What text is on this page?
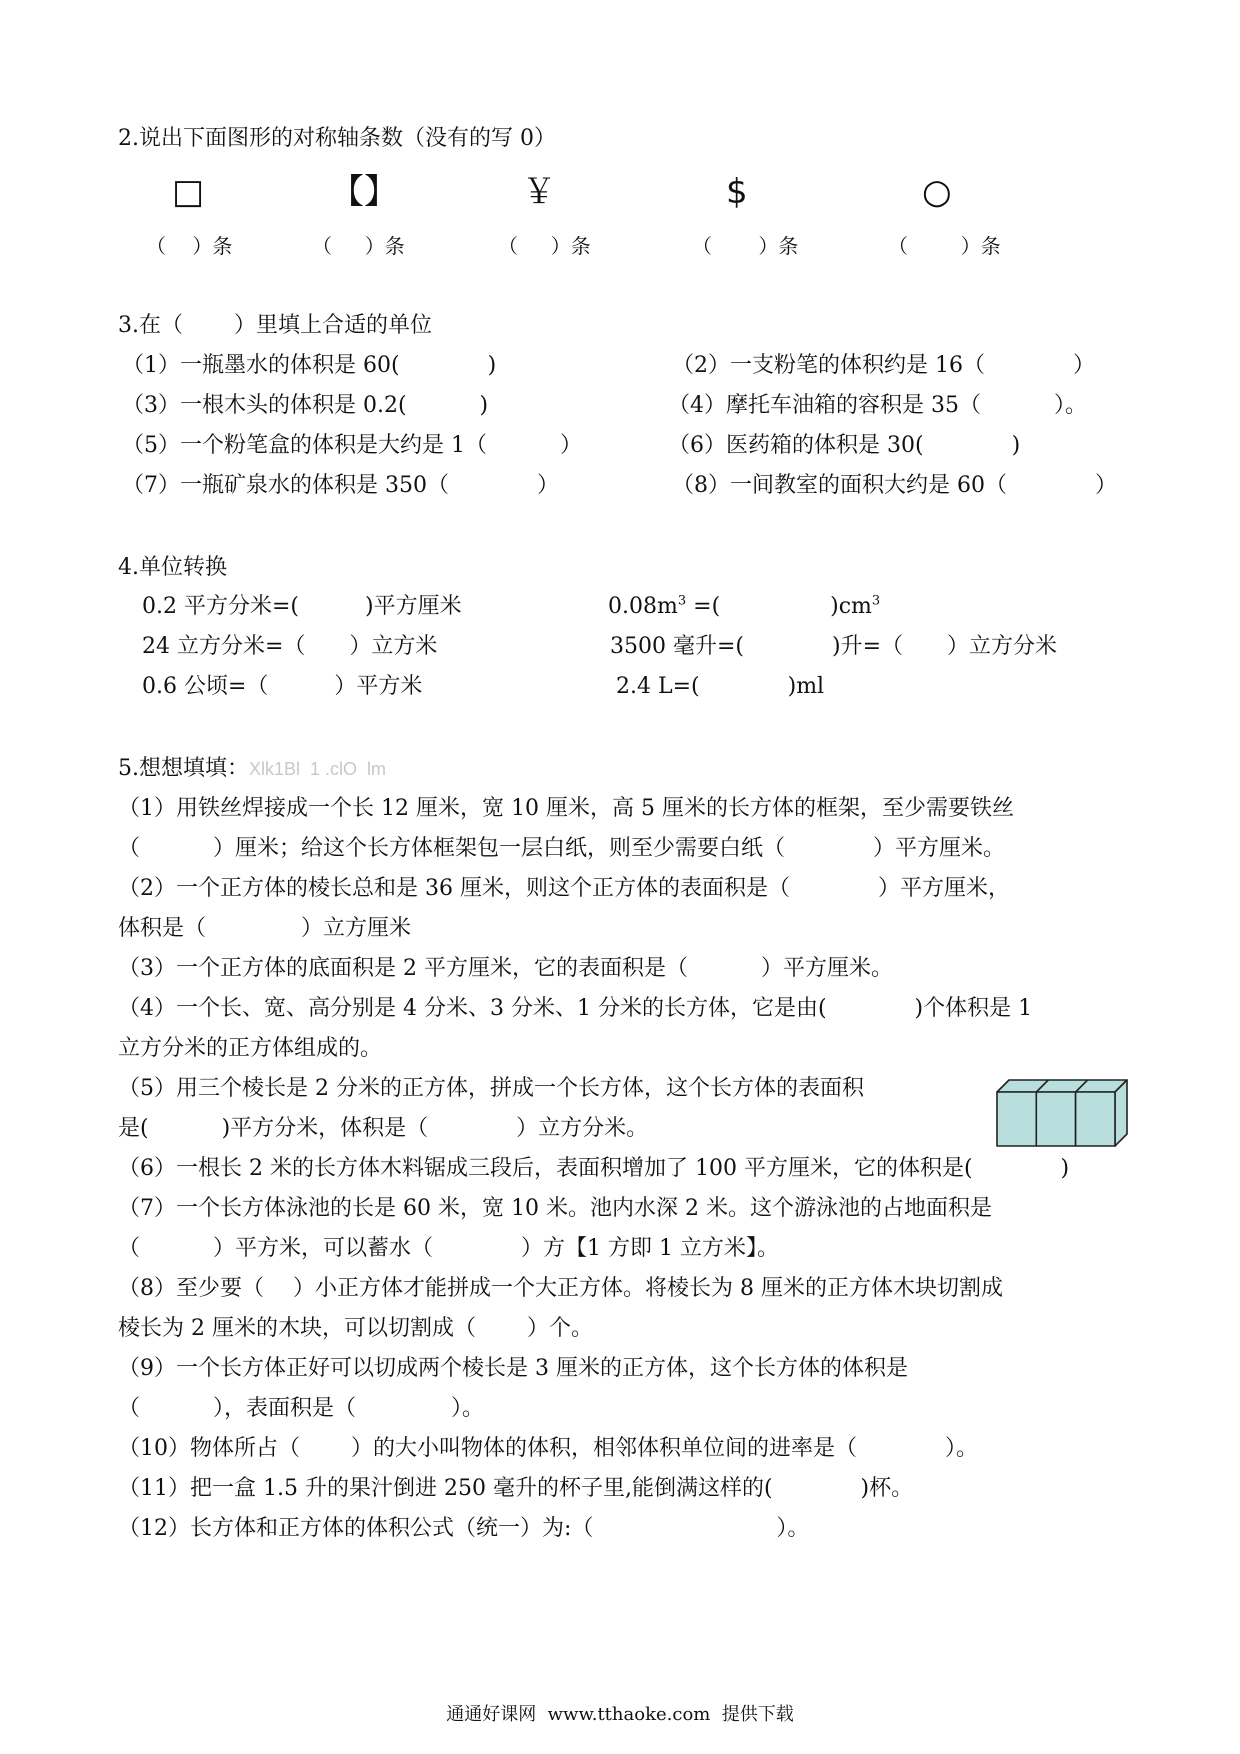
2.说出下面图形的对称轴条数（没有的写 0）
□	【】	￥	$	○
（　 ）条	（　  ）条	（　  ）条	（　　 ）条	（　　  ）条
3.在（　　 ）里填上合适的单位
（1）一瓶墨水的体积是 60(　　　　)	（2）一支粉笔的体积约是 16（　　　　）
（3）一根木头的体积是 0.2(　　　 )	（4）摩托车油箱的容积是 35（　　　 ）。
（5）一个粉笔盒的体积是大约是 1（　　　 ）	（6）医药箱的体积是 30(　　　　)
（7）一瓶矿泉水的体积是 350（　　　　）	（8）一间教室的面积大约是 60（　　　　）
4.单位转换
0.2 平方分米=(　　　)平方厘米	$0.08m^3$ =(　　　　　)$cm^3$
24 立方分米=（　　）立方米	3500 毫升=(　　　　)升=（　　）立方分米
0.6 公顷=（　　　）平方米	2.4 L=(　　　　)ml
5.想想填填：Xlk1Bl  1 .clO  lm
（1）用铁丝焊接成一个长 12 厘米，宽 10 厘米，高 5 厘米的长方体的框架，至少需要铁丝
（　　　 ）厘米；给这个长方体框架包一层白纸，则至少需要白纸（　　　　）平方厘米。
（2）一个正方体的棱长总和是 36 厘米，则这个正方体的表面积是（　　　　）平方厘米，
体积是（　　　　 ）立方厘米
（3）一个正方体的底面积是 2 平方厘米，它的表面积是（　　　 ）平方厘米。
（4）一个长、宽、高分别是 4 分米、3 分米、1 分米的长方体，它是由(　　　　)个体积是 1
立方分米的正方体组成的。
（5）用三个棱长是 2 分米的正方体，拼成一个长方体，这个长方体的表面积
是(　　　 )平方分米，体积是（　　　　）立方分米。
（6）一根长 2 米的长方体木料锯成三段后，表面积增加了 100 平方厘米，它的体积是(　　　　)
（7）一个长方体泳池的长是 60 米，宽 10 米。池内水深 2 米。这个游泳池的占地面积是
（　　　 ）平方米，可以蓄水（　　　　）方【1 方即 1 立方米】。
（8）至少要（　 ）小正方体才能拼成一个大正方体。将棱长为 8 厘米的正方体木块切割成
棱长为 2 厘米的木块，可以切割成（　　 ）个。
（9）一个长方体正好可以切成两个棱长是 3 厘米的正方体，这个长方体的体积是
（　　　 ），表面积是（　　　　 ）。
（10）物体所占（　　 ）的大小叫物体的体积，相邻体积单位间的进率是（　　　　）。
（11）把一盒 1.5 升的果汁倒进 250 毫升的杯子里,能倒满这样的(　　　　)杯。
（12）长方体和正方体的体积公式（统一）为:（　　　　　　　　 ）。
通通好课网  www.tthaoke.com  提供下载
